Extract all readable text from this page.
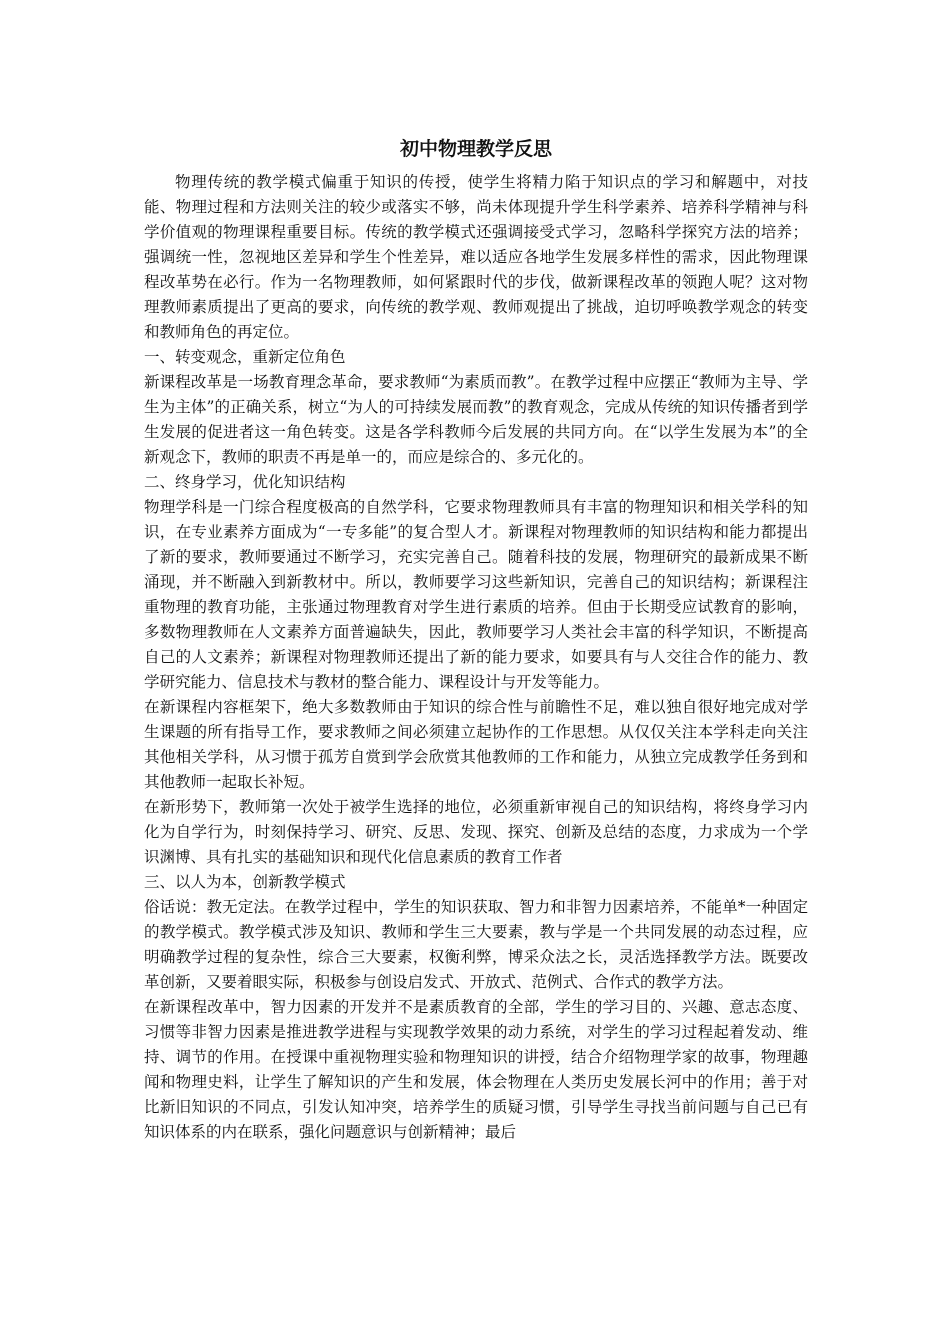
初中物理教学反思

物理传统的教学模式偏重于知识的传授，使学生将精力陷于知识点的学习和解题中，对技能、物理过程和方法则关注的较少或落实不够，尚未体现提升学生科学素养、培养科学精神与科学价值观的物理课程重要目标。传统的教学模式还强调接受式学习，忽略科学探究方法的培养；强调统一性，忽视地区差异和学生个性差异，难以适应各地学生发展多样性的需求，因此物理课程改革势在必行。作为一名物理教师，如何紧跟时代的步伐，做新课程改革的领跑人呢？这对物理教师素质提出了更高的要求，向传统的教学观、教师观提出了挑战，迫切呼唤教学观念的转变和教师角色的再定位。

一、转变观念，重新定位角色

新课程改革是一场教育理念革命，要求教师“为素质而教”。在教学过程中应摆正“教师为主导、学生为主体”的正确关系，树立“为人的可持续发展而教”的教育观念，完成从传统的知识传播者到学生发展的促进者这一角色转变。这是各学科教师今后发展的共同方向。在“以学生发展为本”的全新观念下，教师的职责不再是单一的，而应是综合的、多元化的。

二、终身学习，优化知识结构

物理学科是一门综合程度极高的自然学科，它要求物理教师具有丰富的物理知识和相关学科的知识，在专业素养方面成为“一专多能”的复合型人才。新课程对物理教师的知识结构和能力都提出了新的要求，教师要通过不断学习，充实完善自己。随着科技的发展，物理研究的最新成果不断涌现，并不断融入到新教材中。所以，教师要学习这些新知识，完善自己的知识结构；新课程注重物理的教育功能，主张通过物理教育对学生进行素质的培养。但由于长期受应试教育的影响，多数物理教师在人文素养方面普遍缺失，因此，教师要学习人类社会丰富的科学知识，不断提高自己的人文素养；新课程对物理教师还提出了新的能力要求，如要具有与人交往合作的能力、教学研究能力、信息技术与教材的整合能力、课程设计与开发等能力。

在新课程内容框架下，绝大多数教师由于知识的综合性与前瞻性不足，难以独自很好地完成对学生课题的所有指导工作，要求教师之间必须建立起协作的工作思想。从仅仅关注本学科走向关注其他相关学科，从习惯于孤芳自赏到学会欣赏其他教师的工作和能力，从独立完成教学任务到和其他教师一起取长补短。

在新形势下，教师第一次处于被学生选择的地位，必须重新审视自己的知识结构，将终身学习内化为自学行为，时刻保持学习、研究、反思、发现、探究、创新及总结的态度，力求成为一个学识渊博、具有扎实的基础知识和现代化信息素质的教育工作者

三、以人为本，创新教学模式

俗话说：教无定法。在教学过程中，学生的知识获取、智力和非智力因素培养，不能单*一种固定的教学模式。教学模式涉及知识、教师和学生三大要素，教与学是一个共同发展的动态过程，应明确教学过程的复杂性，综合三大要素，权衡利弊，博采众法之长，灵活选择教学方法。既要改革创新，又要着眼实际，积极参与创设启发式、开放式、范例式、合作式的教学方法。

在新课程改革中，智力因素的开发并不是素质教育的全部，学生的学习目的、兴趣、意志态度、习惯等非智力因素是推进教学进程与实现教学效果的动力系统，对学生的学习过程起着发动、维持、调节的作用。在授课中重视物理实验和物理知识的讲授，结合介绍物理学家的故事，物理趣闻和物理史料，让学生了解知识的产生和发展，体会物理在人类历史发展长河中的作用；善于对比新旧知识的不同点，引发认知冲突，培养学生的质疑习惯，引导学生寻找当前问题与自己已有知识体系的内在联系，强化问题意识与创新精神；最后
